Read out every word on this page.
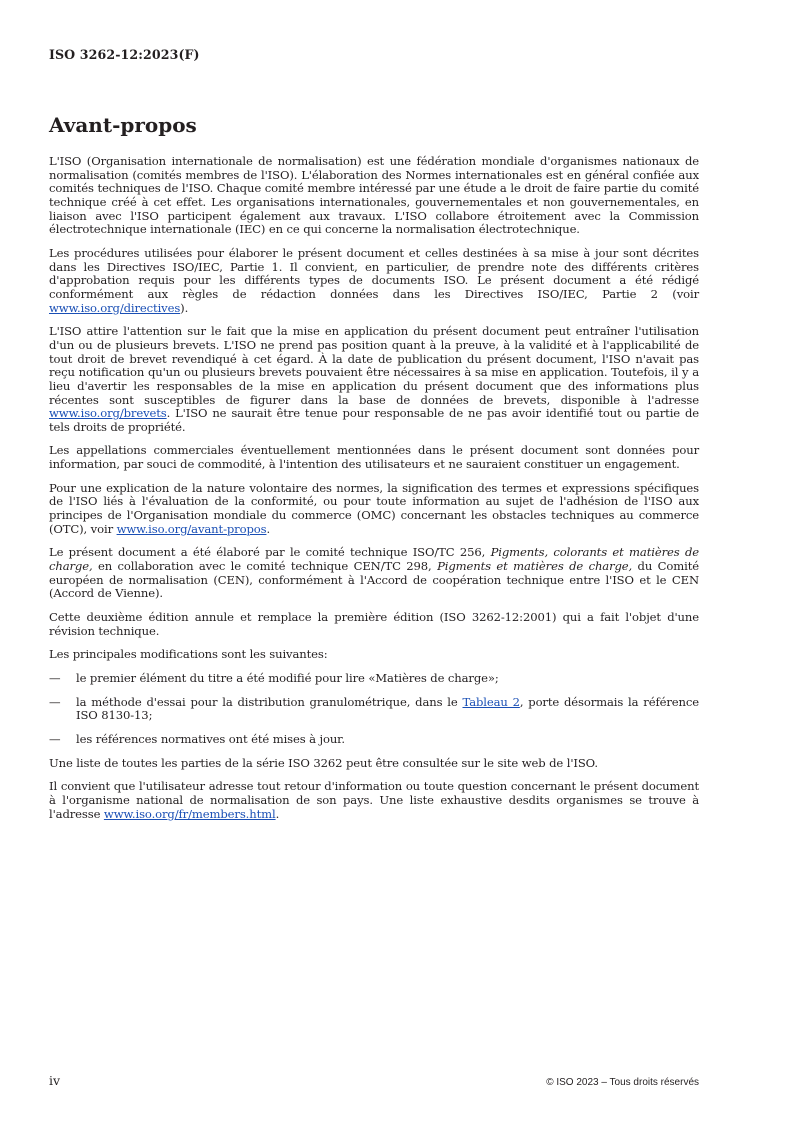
ISO 3262-12:2023(F)
Avant-propos

L'ISO (Organisation internationale de normalisation) est une fédération mondiale d'organismes nationaux de normalisation (comités membres de l'ISO). L'élaboration des Normes internationales est en général confiée aux comités techniques de l'ISO. Chaque comité membre intéressé par une étude a le droit de faire partie du comité technique créé à cet effet. Les organisations internationales, gouvernementales et non gouvernementales, en liaison avec l'ISO participent également aux travaux. L'ISO collabore étroitement avec la Commission électrotechnique internationale (IEC) en ce qui concerne la normalisation électrotechnique.

Les procédures utilisées pour élaborer le présent document et celles destinées à sa mise à jour sont décrites dans les Directives ISO/IEC, Partie 1. Il convient, en particulier, de prendre note des différents critères d'approbation requis pour les différents types de documents ISO. Le présent document a été rédigé conformément aux règles de rédaction données dans les Directives ISO/IEC, Partie 2 (voir www.iso.org/directives).

L'ISO attire l'attention sur le fait que la mise en application du présent document peut entraîner l'utilisation d'un ou de plusieurs brevets. L'ISO ne prend pas position quant à la preuve, à la validité et à l'applicabilité de tout droit de brevet revendiqué à cet égard. À la date de publication du présent document, l'ISO n'avait pas reçu notification qu'un ou plusieurs brevets pouvaient être nécessaires à sa mise en application. Toutefois, il y a lieu d'avertir les responsables de la mise en application du présent document que des informations plus récentes sont susceptibles de figurer dans la base de données de brevets, disponible à l'adresse www.iso.org/brevets. L'ISO ne saurait être tenue pour responsable de ne pas avoir identifié tout ou partie de tels droits de propriété.

Les appellations commerciales éventuellement mentionnées dans le présent document sont données pour information, par souci de commodité, à l'intention des utilisateurs et ne sauraient constituer un engagement.

Pour une explication de la nature volontaire des normes, la signification des termes et expressions spécifiques de l'ISO liés à l'évaluation de la conformité, ou pour toute information au sujet de l'adhésion de l'ISO aux principes de l'Organisation mondiale du commerce (OMC) concernant les obstacles techniques au commerce (OTC), voir www.iso.org/avant-propos.

Le présent document a été élaboré par le comité technique ISO/TC 256, Pigments, colorants et matières de charge, en collaboration avec le comité technique CEN/TC 298, Pigments et matières de charge, du Comité européen de normalisation (CEN), conformément à l'Accord de coopération technique entre l'ISO et le CEN (Accord de Vienne).

Cette deuxième édition annule et remplace la première édition (ISO 3262-12:2001) qui a fait l'objet d'une révision technique.

Les principales modifications sont les suivantes:

—	le premier élément du titre a été modifié pour lire «Matières de charge»;
—	la méthode d'essai pour la distribution granulométrique, dans le Tableau 2, porte désormais la référence ISO 8130-13;
—	les références normatives ont été mises à jour.

Une liste de toutes les parties de la série ISO 3262 peut être consultée sur le site web de l'ISO.

Il convient que l'utilisateur adresse tout retour d'information ou toute question concernant le présent document à l'organisme national de normalisation de son pays. Une liste exhaustive desdits organismes se trouve à l'adresse www.iso.org/fr/members.html.

iv	© ISO 2023 – Tous droits réservés
